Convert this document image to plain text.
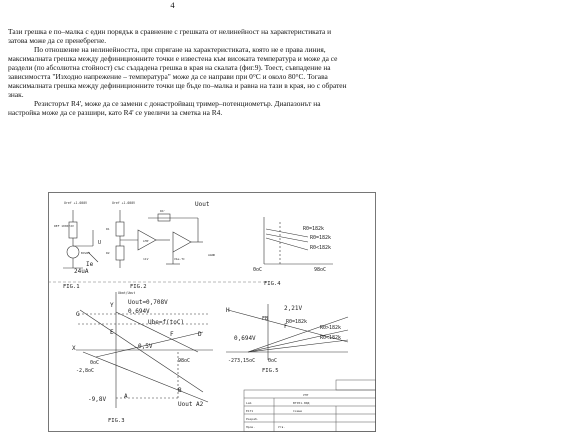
4

Тази грешка е по–малка с един порядък в сравнение с грешката от нелинейност на характеристиката и затова може да се пренебрегне.

По отношение на нелинейността, при спрягане на характеристиката, която не е права линия, максималната грешка между дефиниционните точки е известена към високата температура и може да се раздели (по абсолютна стойност) със създадена грешка в края на скалата (фиг.9). Тоест, съвпадение на зависимостта "Изходно напрежение – температура" може да се направи при 0°C и около 80°C. Тогава максималната грешка между дефиниционните точки ще бъде по–малка и равна на тази в края, но с обратен знак.

Резисторът R4', може да се замени с донастройващ тример–потенциометър. Диапазонът на настройка може да се разшири, като R4' се увеличи за сметка на R4.

Uref +1.000V
REF 1000/2V
BCW23
Ie
24uA
U
FIG.1
Uref +1.000V	Uout
R1
R2
R4'
LMP
11V	Vbe-TC
AGND
FIG.2
R0=182k
R0=182k
R0<182k
0oC	98oC
FIG.4
Ubat/Uout
Uout=0,708V
0,694V
Ube=f(toC)
0,5V
G
X
Y
A
D
E	F
B
0oC
-2,8oC
98oC
-9,8V
Uout A2
FIG.3
H	2,21V
R0=182k
R0>182k
R0<182k
FB
F
0,694V
-273,15oC	0oC
FIG.5
Lab
УНТ
Е1Т1
ВТУ01.00Д
Схеми
Разраб.
Пров.	Утв.
